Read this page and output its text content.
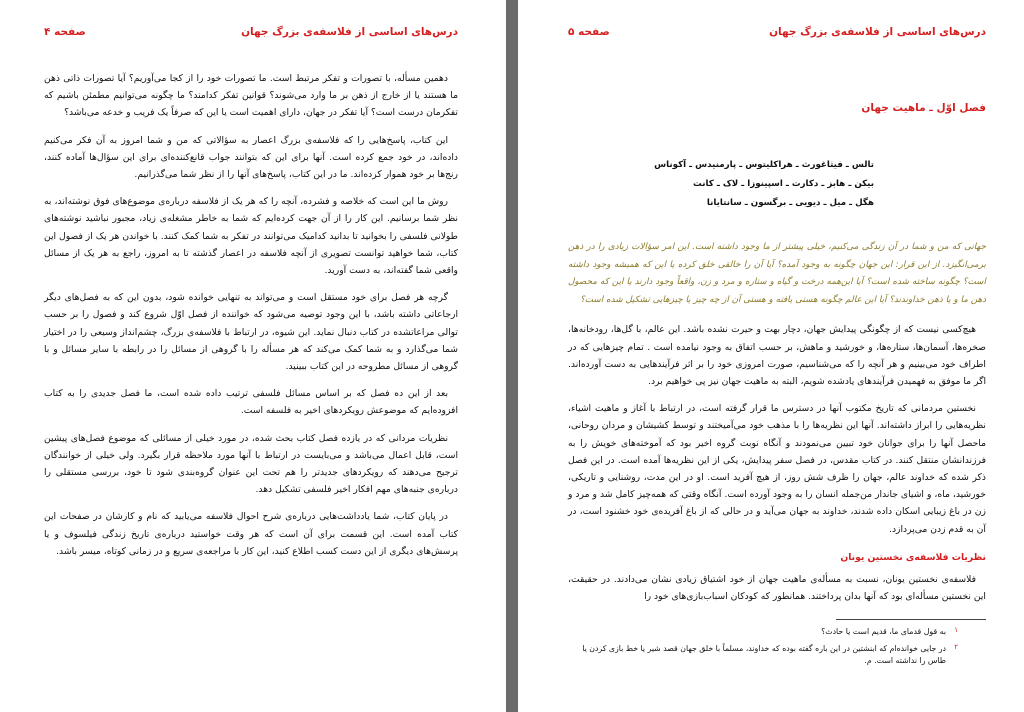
درس‌های اساسی از فلاسفه‌ی بزرگ جهان
صفحه ۴

دهمین مسأله، با تصورات و تفکر مرتبط است. ما تصورات خود را از کجا می‌آوریم؟ آیا تصورات ذاتی ذهن ما هستند یا از خارج از ذهن بر ما وارد می‌شوند؟ قوانین تفکر کدامند؟ ما چگونه می‌توانیم مطمئن باشیم که تفکرمان درست است؟ آیا تفکر در جهان، دارای اهمیت است یا این که صرفاً یک فریب و خدعه می‌باشد؟

این کتاب، پاسخ‌هایی را که فلاسفه‌ی بزرگ اعصار به سؤالاتی که من و شما امروز به آن فکر می‌کنیم داده‌اند، در خود جمع کرده است. آنها برای این که بتوانند جواب قانع‌کننده‌ای برای این سؤال‌ها آماده کنند، رنج‌ها بر خود هموار کرده‌اند. ما در این کتاب، پاسخ‌های آنها را از نظر شما می‌گذرانیم.

روش ما این است که خلاصه و فشرده، آنچه را که هر یک از فلاسفه درباره‌ی موضوع‌های فوق نوشته‌اند، به نظر شما برسانیم. این کار را از آن جهت کرده‌ایم که شما به خاطر مشغله‌ی زیاد، مجبور نباشید نوشته‌های طولانی فلسفی را بخوانید تا بدانید کدامیک می‌توانند در تفکر به شما کمک کنند. با خواندن هر یک از فصول این کتاب، شما خواهید توانست تصویری از آنچه فلاسفه در اعصار گذشته تا به امروز، راجع به هر یک از مسائل واقعی شما گفته‌اند، به دست آورید.

گرچه هر فصل برای خود مستقل است و می‌تواند به تنهایی خوانده شود، بدون این که به فصل‌های دیگر ارجاعاتی داشته باشد، با این وجود توصیه می‌شود که خواننده از فصل اوّل شروع کند و فصول را بر حسب توالی مراعاتشده در کتاب دنبال نماید. این شیوه، در ارتباط با فلاسفه‌ی بزرگ، چشم‌انداز وسیعی را در اختیار شما می‌گذارد و به شما کمک می‌کند که هر مسأله را با گروهی از مسائل را در رابطه با سایر مسائل و با گروهی از مسائل مطروحه در این کتاب ببینید.

بعد از این ده فصل که بر اساس مسائل فلسفی ترتیب داده شده است، ما فصل جدیدی را به کتاب افزوده‌ایم که موضوعش رویکردهای اخیر به فلسفه است.

نظریات مردانی که در یازده فصل کتاب بحث شده، در مورد خیلی از مسائلی که موضوع فصل‌های پیشین است، قابل اعمال می‌باشد و می‌بایست در ارتباط با آنها مورد ملاحظه قرار بگیرد. ولی خیلی از خوانندگان ترجیح می‌دهند که رویکردهای جدیدتر را هم تحت این عنوان گروه‌بندی شود تا خود، بررسی مستقلی را درباره‌ی جنبه‌های مهم افکار اخیر فلسفی تشکیل دهد.

در پایان کتاب، شما یادداشت‌هایی درباره‌ی شرح احوال فلاسفه می‌یابید که نام و کارشان در صفحات این کتاب آمده است. این قسمت برای آن است که هر وقت خواستید درباره‌ی تاریخ زندگی فیلسوف و یا پرسش‌های دیگری از این دست کسب اطلاع کنید، این کار با مراجعه‌ی سریع و در زمانی کوتاه، میسر باشد.

درس‌های اساسی از فلاسفه‌ی بزرگ جهان
صفحه ۵
فصل اوّل ـ ماهیت جهان
تالس ـ فیثاغورث ـ هراکلیتوس ـ پارمنیدس ـ آکوناس
بیکن ـ هابز ـ دکارت ـ اسپینوزا ـ لاک ـ کانت
هگل ـ میل ـ دیویی ـ برگسون ـ سانتایانا

جهانی که من و شما در آن زندگی می‌کنیم، خیلی پیشتر از ما وجود داشته است. این امر سؤالات زیادی را در ذهن برمی‌انگیزد. از این قرار: این جهان چگونه به وجود آمده؟ آیا آن را خالقی خلق کرده یا این که همیشه وجود داشته است؟ چگونه ساخته شده است؟ آیا این‌همه درخت و گیاه و ستاره و مرد و زن، واقعاً وجود دارند یا این که محصول ذهن ما و یا ذهن خداوندند؟ آیا این عالم چگونه هستی یافته و هستی آن از چه چیز یا چیزهایی تشکیل شده است؟

هیچ‌کسی نیست که از چگونگی پیدایش جهان، دچار بهت و حیرت نشده باشد. این عالم، با گل‌ها، رودخانه‌ها، صخره‌ها، آسمان‌ها، ستاره‌ها، و خورشید و ماهش، بر حسب اتفاق به وجود نیامده است . تمام چیزهایی که در اطراف خود می‌بینیم و هر آنچه را که می‌شناسیم، صورت امروزی خود را بر اثر فرآیندهایی به دست آورده‌اند. اگر ما موفق به فهمیدن فرآیندهای یادشده شویم، البته به ماهیت جهان نیز پی خواهیم برد.

نخستین مردمانی که تاریخ مکتوب آنها در دسترس ما قرار گرفته است، در ارتباط با آغاز و ماهیت اشیاء، نظریه‌هایی را ابراز داشته‌اند. آنها این نظریه‌ها را با مذهب خود می‌آمیختند و توسط کشیشان و مردان روحانی، ماحصل آنها را برای جوانان خود تبیین می‌نمودند و آنگاه نوبت گروه اخیر بود که آموخته‌های خویش را به فرزندانشان منتقل کنند. در کتاب مقدس، در فصل سفر پیدایش، یکی از این نظریه‌ها آمده است. در این فصل ذکر شده که خداوند عالم، جهان را ظرف شش روز، از هیچ آفرید است. او در این مدت، روشنایی و تاریکی، خورشید، ماه، و اشیای جاندار من‌جمله انسان را به وجود آورده است. آنگاه وقتی که همه‌چیز کامل شد و مرد و زن در باغ زیبایی اسکان داده شدند، خداوند به جهان می‌آید و در حالی که از باغ آفریده‌ی خود خشنود است، در آن به قدم زدن می‌پردازد.

نظریات فلاسفه‌ی نخستین یونان

فلاسفه‌ی نخستین یونان، نسبت به مسأله‌ی ماهیت جهان از خود اشتیاق زیادی نشان می‌دادند. در حقیقت، این نخستین مسأله‌ای بود که آنها بدان پرداختند. همانطور که کودکان اسباب‌بازی‌های خود را

۱
به قول قدمای ما، قدیم است یا حادث؟

۲
در جایی خوانده‌ام که ابنشتین در این باره گفته بوده که خداوند، مسلماً با خلق جهان قصد شیر یا خط بازی کردن یا طاس را نداشته است. م.
